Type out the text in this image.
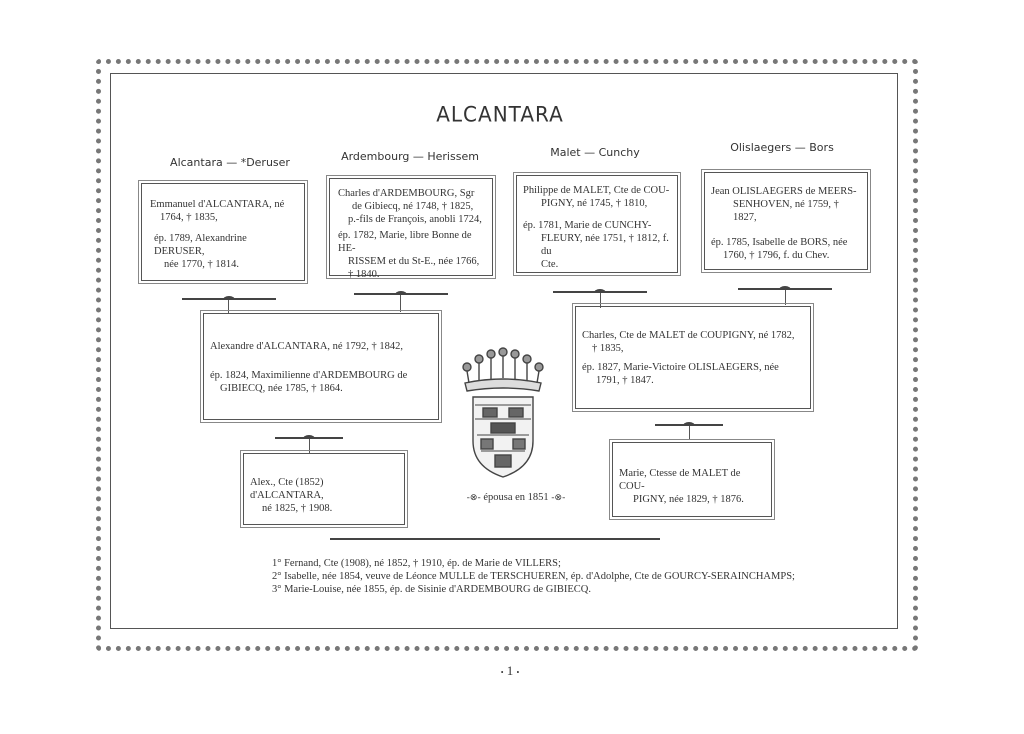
ALCANTARA
Alcantara — *Deruser	Ardembourg — Herissem	Malet — Cunchy	Olislaegers — Bors

Emmanuel d'ALCANTARA, né

1764, † 1835,

ép. 1789, Alexandrine DERUSER,

née 1770, † 1814.

Charles d'ARDEMBOURG, Sgr

de Gibiecq, né 1748, † 1825,

p.-fils de François, anobli 1724,

ép. 1782, Marie, libre Bonne de HE-

RISSEM et du St-E., née 1766,

† 1840.

Philippe de MALET, Cte de COU-

PIGNY, né 1745, † 1810,

ép. 1781, Marie de CUNCHY-

FLEURY, née 1751, † 1812, f. du

Cte.

Jean OLISLAEGERS de MEERS-

SENHOVEN, né 1759, † 1827,

ép. 1785, Isabelle de BORS, née

1760, † 1796, f. du Chev.

Alexandre d'ALCANTARA, né 1792, † 1842,

ép. 1824, Maximilienne d'ARDEMBOURG de

GIBIECQ, née 1785, † 1864.

Charles, Cte de MALET de COUPIGNY, né 1782,

† 1835,

ép. 1827, Marie-Victoire OLISLAEGERS, née

1791, † 1847.

Alex., Cte (1852) d'ALCANTARA,

né 1825, † 1908.

-⊗- épousa en 1851 -⊗-

Marie, Ctesse de MALET de COU-

PIGNY, née 1829, † 1876.

1° Fernand, Cte (1908), né 1852, † 1910, ép. de Marie de VILLERS;

2° Isabelle, née 1854, veuve de Léonce MULLE de TERSCHUEREN, ép. d'Adolphe, Cte de GOURCY-SERAINCHAMPS;

3° Marie-Louise, née 1855, ép. de Sisinie d'ARDEMBOURG de GIBIECQ.

• 1 •
